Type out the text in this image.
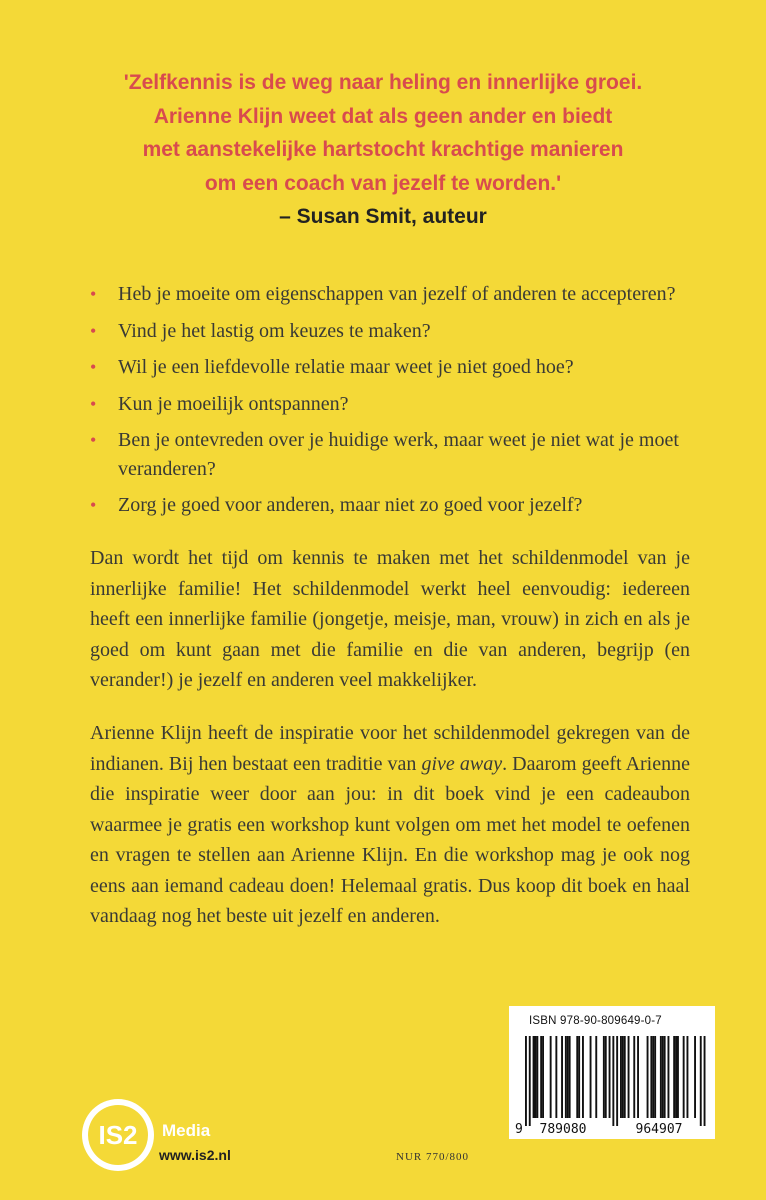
'Zelfkennis is de weg naar heling en innerlijke groei.
Arienne Klijn weet dat als geen ander en biedt
met aanstekelijke hartstocht krachtige manieren
om een coach van jezelf te worden.'
– Susan Smit, auteur
• Heb je moeite om eigenschappen van jezelf of anderen te accepteren?
• Vind je het lastig om keuzes te maken?
• Wil je een liefdevolle relatie maar weet je niet goed hoe?
• Kun je moeilijk ontspannen?
• Ben je ontevreden over je huidige werk, maar weet je niet wat je moet veranderen?
• Zorg je goed voor anderen, maar niet zo goed voor jezelf?

Dan wordt het tijd om kennis te maken met het schildenmodel van je innerlijke familie! Het schildenmodel werkt heel eenvoudig: iedereen heeft een innerlijke familie (jongetje, meisje, man, vrouw) in zich en als je goed om kunt gaan met die familie en die van anderen, begrijp (en verander!) je jezelf en anderen veel makkelijker.

Arienne Klijn heeft de inspiratie voor het schildenmodel gekregen van de indianen. Bij hen bestaat een traditie van give away. Daarom geeft Arienne die inspiratie weer door aan jou: in dit boek vind je een cadeaubon waarmee je gratis een workshop kunt volgen om met het model te oefenen en vragen te stellen aan Arienne Klijn. En die workshop mag je ook nog eens aan iemand cadeau doen! Helemaal gratis. Dus koop dit boek en haal vandaag nog het beste uit jezelf en anderen.

ISBN 978-90-809649-0-7
9 789080	964907
IS2 Media
www.is2.nl	NUR 770/800
